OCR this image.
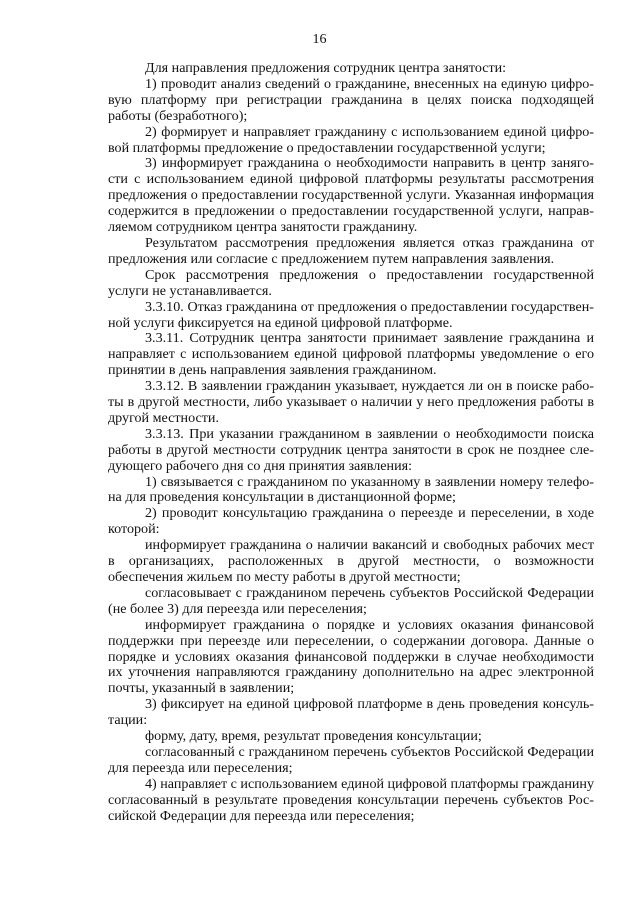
16

Для направления предложения сотрудник центра занятости:

1) проводит анализ сведений о гражданине, внесенных на единую цифровую платформу при регистрации гражданина в целях поиска подходящей работы (безработного);

2) формирует и направляет гражданину с использованием единой цифровой платформы предложение о предоставлении государственной услуги;

3) информирует гражданина о необходимости направить в центр занягости с использованием единой цифровой платформы результаты рассмотрения предложения о предоставлении государственной услуги. Указанная информация содержится в предложении о предоставлении государственной услуги, направляемом сотрудником центра занятости гражданину.

Результатом рассмотрения предложения является отказ гражданина от предложения или согласие с предложением путем направления заявления.

Срок рассмотрения предложения о предоставлении государственной услуги не устанавливается.

3.3.10. Отказ гражданина от предложения о предоставлении государственной услуги фиксируется на единой цифровой платформе.

3.3.11. Сотрудник центра занятости принимает заявление гражданина и направляет с использованием единой цифровой платформы уведомление о его принятии в день направления заявления гражданином.

3.3.12. В заявлении гражданин указывает, нуждается ли он в поиске работы в другой местности, либо указывает о наличии у него предложения работы в другой местности.

3.3.13. При указании гражданином в заявлении о необходимости поиска работы в другой местности сотрудник центра занятости в срок не позднее следующего рабочего дня со дня принятия заявления:

1) связывается с гражданином по указанному в заявлении номеру телефона для проведения консультации в дистанционной форме;

2) проводит консультацию гражданина о переезде и переселении, в ходе которой:

информирует гражданина о наличии вакансий и свободных рабочих мест в организациях, расположенных в другой местности, о возможности обеспечения жильем по месту работы в другой местности;

согласовывает с гражданином перечень субъектов Российской Федерации (не более 3) для переезда или переселения;

информирует гражданина о порядке и условиях оказания финансовой поддержки при переезде или переселении, о содержании договора. Данные о порядке и условиях оказания финансовой поддержки в случае необходимости их уточнения направляются гражданину дополнительно на адрес электронной почты, указанный в заявлении;

3) фиксирует на единой цифровой платформе в день проведения консультации:

форму, дату, время, результат проведения консультации;

согласованный с гражданином перечень субъектов Российской Федерации для переезда или переселения;

4) направляет с использованием единой цифровой платформы гражданину согласованный в результате проведения консультации перечень субъектов Российской Федерации для переезда или переселения;
